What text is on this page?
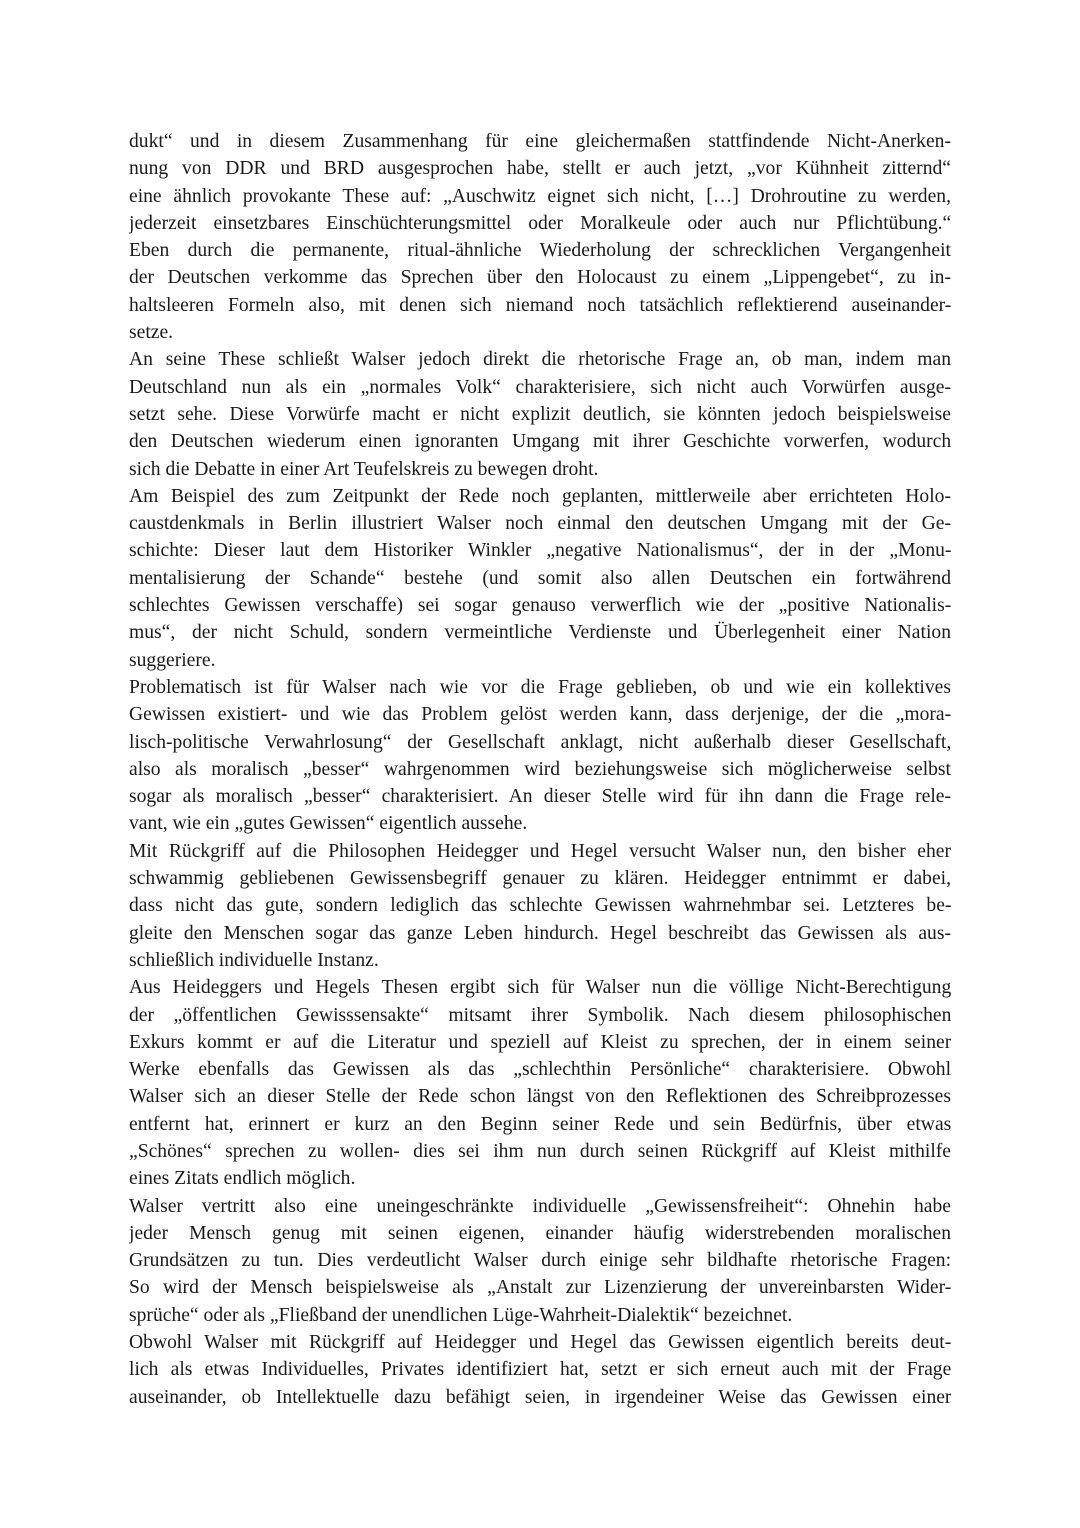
dukt“ und in diesem Zusammenhang für eine gleichermaßen stattfindende Nicht-Anerken-
nung von DDR und BRD ausgesprochen habe, stellt er auch jetzt, „vor Kühnheit zitternd“
eine ähnlich provokante These auf: „Auschwitz eignet sich nicht, […] Drohroutine zu werden,
jederzeit einsetzbares Einschüchterungsmittel oder Moralkeule oder auch nur Pflichtübung.“
Eben durch die permanente, ritual-ähnliche Wiederholung der schrecklichen Vergangenheit
der Deutschen verkomme das Sprechen über den Holocaust zu einem „Lippengebet“, zu in-
haltsleeren Formeln also, mit denen sich niemand noch tatsächlich reflektierend auseinander-
setze.
An seine These schließt Walser jedoch direkt die rhetorische Frage an, ob man, indem man
Deutschland nun als ein „normales Volk“ charakterisiere, sich nicht auch Vorwürfen ausge-
setzt sehe. Diese Vorwürfe macht er nicht explizit deutlich, sie könnten jedoch beispielsweise
den Deutschen wiederum einen ignoranten Umgang mit ihrer Geschichte vorwerfen, wodurch
sich die Debatte in einer Art Teufelskreis zu bewegen droht.
Am Beispiel des zum Zeitpunkt der Rede noch geplanten, mittlerweile aber errichteten Holo-
caustdenkmals in Berlin illustriert Walser noch einmal den deutschen Umgang mit der Ge-
schichte: Dieser laut dem Historiker Winkler „negative Nationalismus“, der in der „Monu-
mentalisierung der Schande“ bestehe (und somit also allen Deutschen ein fortwährend
schlechtes Gewissen verschaffe) sei sogar genauso verwerflich wie der „positive Nationalis-
mus“, der nicht Schuld, sondern vermeintliche Verdienste und Überlegenheit einer Nation
suggeriere.
Problematisch ist für Walser nach wie vor die Frage geblieben, ob und wie ein kollektives
Gewissen existiert- und wie das Problem gelöst werden kann, dass derjenige, der die „mora-
lisch-politische Verwahrlosung“ der Gesellschaft anklagt, nicht außerhalb dieser Gesellschaft,
also als moralisch „besser“ wahrgenommen wird beziehungsweise sich möglicherweise selbst
sogar als moralisch „besser“ charakterisiert. An dieser Stelle wird für ihn dann die Frage rele-
vant, wie ein „gutes Gewissen“ eigentlich aussehe.
Mit Rückgriff auf die Philosophen Heidegger und Hegel versucht Walser nun, den bisher eher
schwammig gebliebenen Gewissensbegriff genauer zu klären. Heidegger entnimmt er dabei,
dass nicht das gute, sondern lediglich das schlechte Gewissen wahrnehmbar sei. Letzteres be-
gleite den Menschen sogar das ganze Leben hindurch. Hegel beschreibt das Gewissen als aus-
schließlich individuelle Instanz.
Aus Heideggers und Hegels Thesen ergibt sich für Walser nun die völlige Nicht-Berechtigung
der „öffentlichen Gewisssensakte“ mitsamt ihrer Symbolik. Nach diesem philosophischen
Exkurs kommt er auf die Literatur und speziell auf Kleist zu sprechen, der in einem seiner
Werke ebenfalls das Gewissen als das „schlechthin Persönliche“ charakterisiere. Obwohl
Walser sich an dieser Stelle der Rede schon längst von den Reflektionen des Schreibprozesses
entfernt hat, erinnert er kurz an den Beginn seiner Rede und sein Bedürfnis, über etwas
„Schönes“ sprechen zu wollen- dies sei ihm nun durch seinen Rückgriff auf Kleist mithilfe
eines Zitats endlich möglich.
Walser vertritt also eine uneingeschränkte individuelle „Gewissensfreiheit“: Ohnehin habe
jeder Mensch genug mit seinen eigenen, einander häufig widerstrebenden moralischen
Grundsätzen zu tun. Dies verdeutlicht Walser durch einige sehr bildhafte rhetorische Fragen:
So wird der Mensch beispielsweise als „Anstalt zur Lizenzierung der unvereinbarsten Wider-
sprüche“ oder als „Fließband der unendlichen Lüge-Wahrheit-Dialektik“ bezeichnet.
Obwohl Walser mit Rückgriff auf Heidegger und Hegel das Gewissen eigentlich bereits deut-
lich als etwas Individuelles, Privates identifiziert hat, setzt er sich erneut auch mit der Frage
auseinander, ob Intellektuelle dazu befähigt seien, in irgendeiner Weise das Gewissen einer
